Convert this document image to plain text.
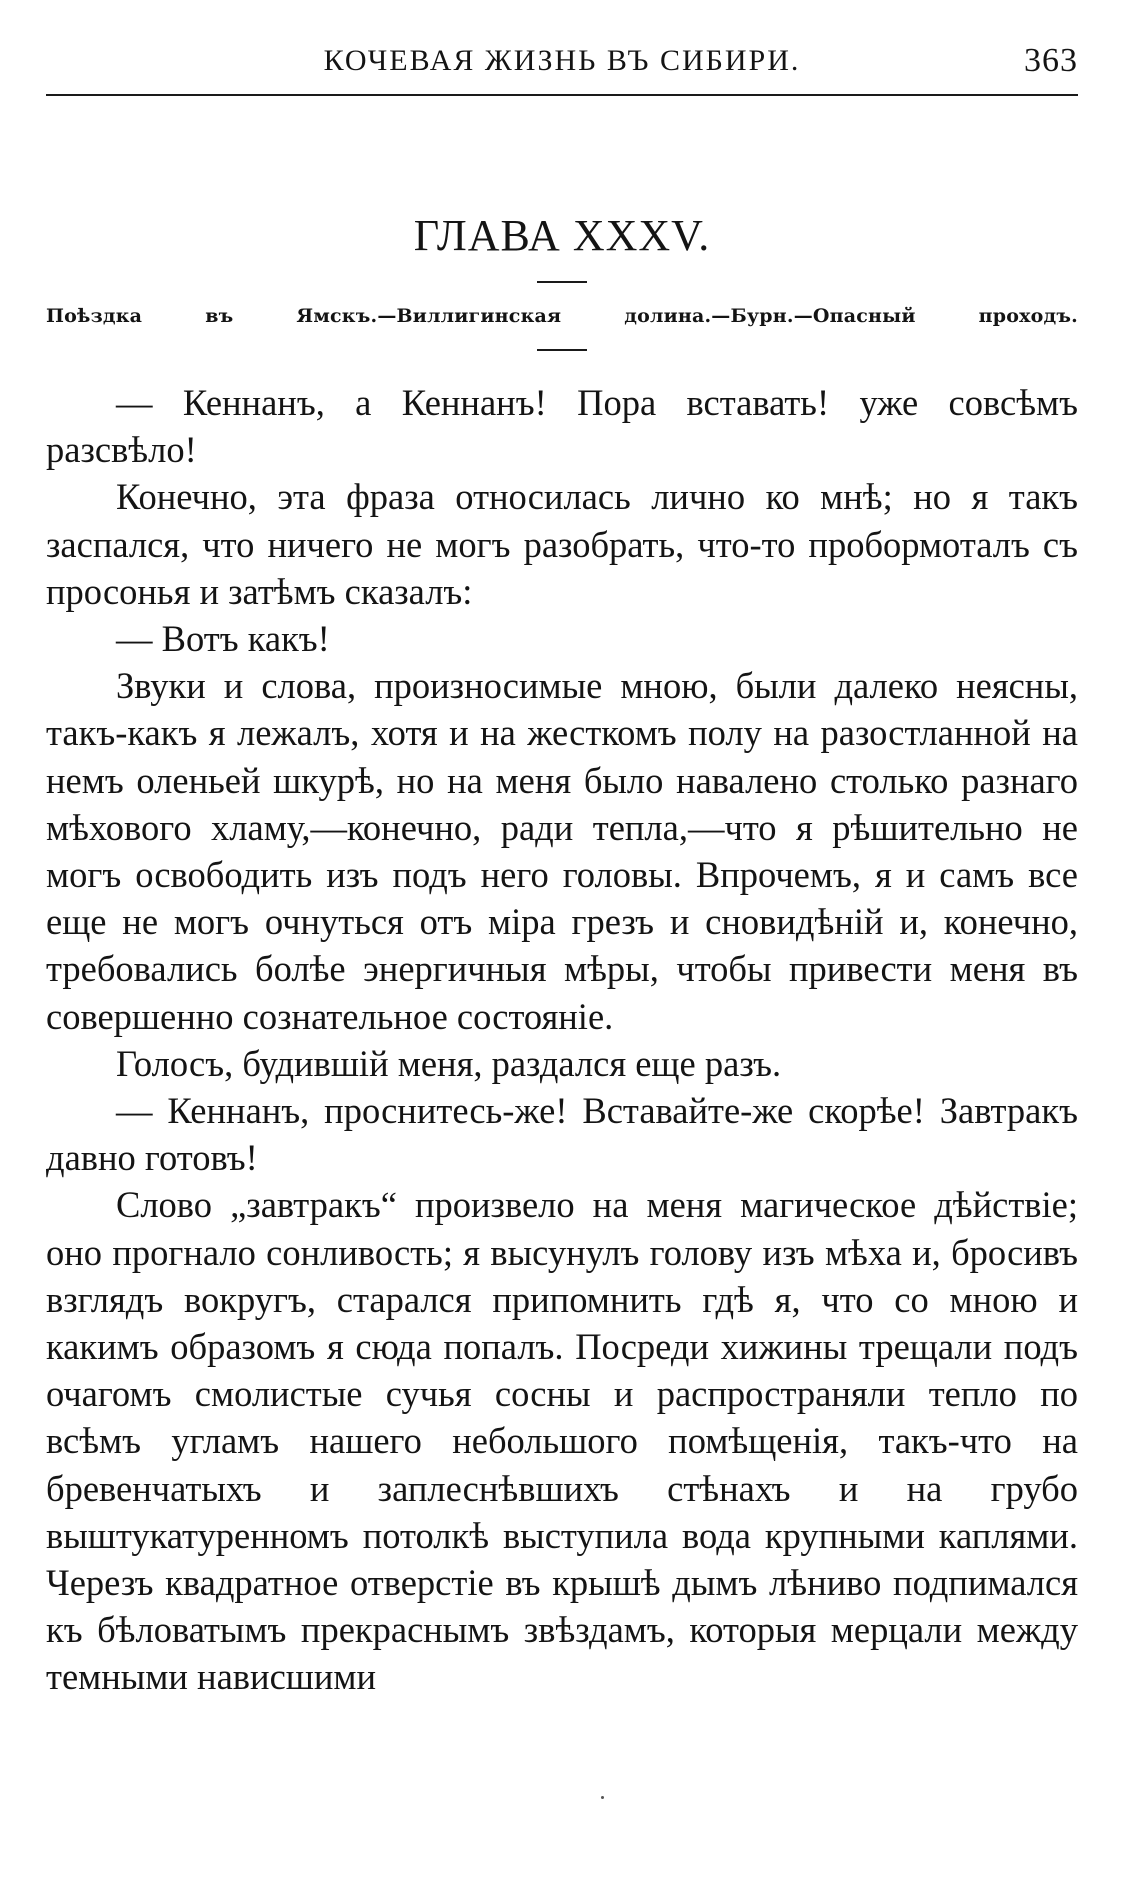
КОЧЕВАЯ ЖИЗНЬ ВЪ СИБИРИ.	363
ГЛАВА XXXV.
Поѣздка въ Ямскъ.—Виллигинская долина.—Бурн.—Опасный проходъ.

— Кеннанъ, а Кеннанъ! Пора вставать! уже совсѣмъ разсвѣло!

Конечно, эта фраза относилась лично ко мнѣ; но я такъ заспался, что ничего не могъ разобрать, что-то пробормоталъ съ просонья и затѣмъ сказалъ:

— Вотъ какъ!

Звуки и слова, произносимые мною, были далеко неясны, такъ-какъ я лежалъ, хотя и на жесткомъ полу на разостланной на немъ оленьей шкурѣ, но на меня было навалено столько разнаго мѣхового хламу,—конечно, ради тепла,—что я рѣшительно не могъ освободить изъ подъ него головы. Впрочемъ, я и самъ все еще не могъ очнуться отъ міра грезъ и сновидѣній и, конечно, требовались болѣе энергичныя мѣры, чтобы привести меня въ совершенно сознательное состояніе.

Голосъ, будившій меня, раздался еще разъ.

— Кеннанъ, проснитесь-же! Вставайте-же скорѣе! Завтракъ давно готовъ!

Слово „завтракъ“ произвело на меня магическое дѣйствіе; оно прогнало сонливость; я высунулъ голову изъ мѣха и, бросивъ взглядъ вокругъ, старался припомнить гдѣ я, что со мною и какимъ образомъ я сюда попалъ. Посреди хижины трещали подъ очагомъ смолистые сучья сосны и распространяли тепло по всѣмъ угламъ нашего небольшого помѣщенія, такъ-что на бревенчатыхъ и заплеснѣвшихъ стѣнахъ и на грубо выштукатуренномъ потолкѣ выступила вода крупными каплями. Черезъ квадратное отверстіе въ крышѣ дымъ лѣниво подпимался къ бѣловатымъ прекраснымъ звѣздамъ, которыя мерцали между темными нависшими
